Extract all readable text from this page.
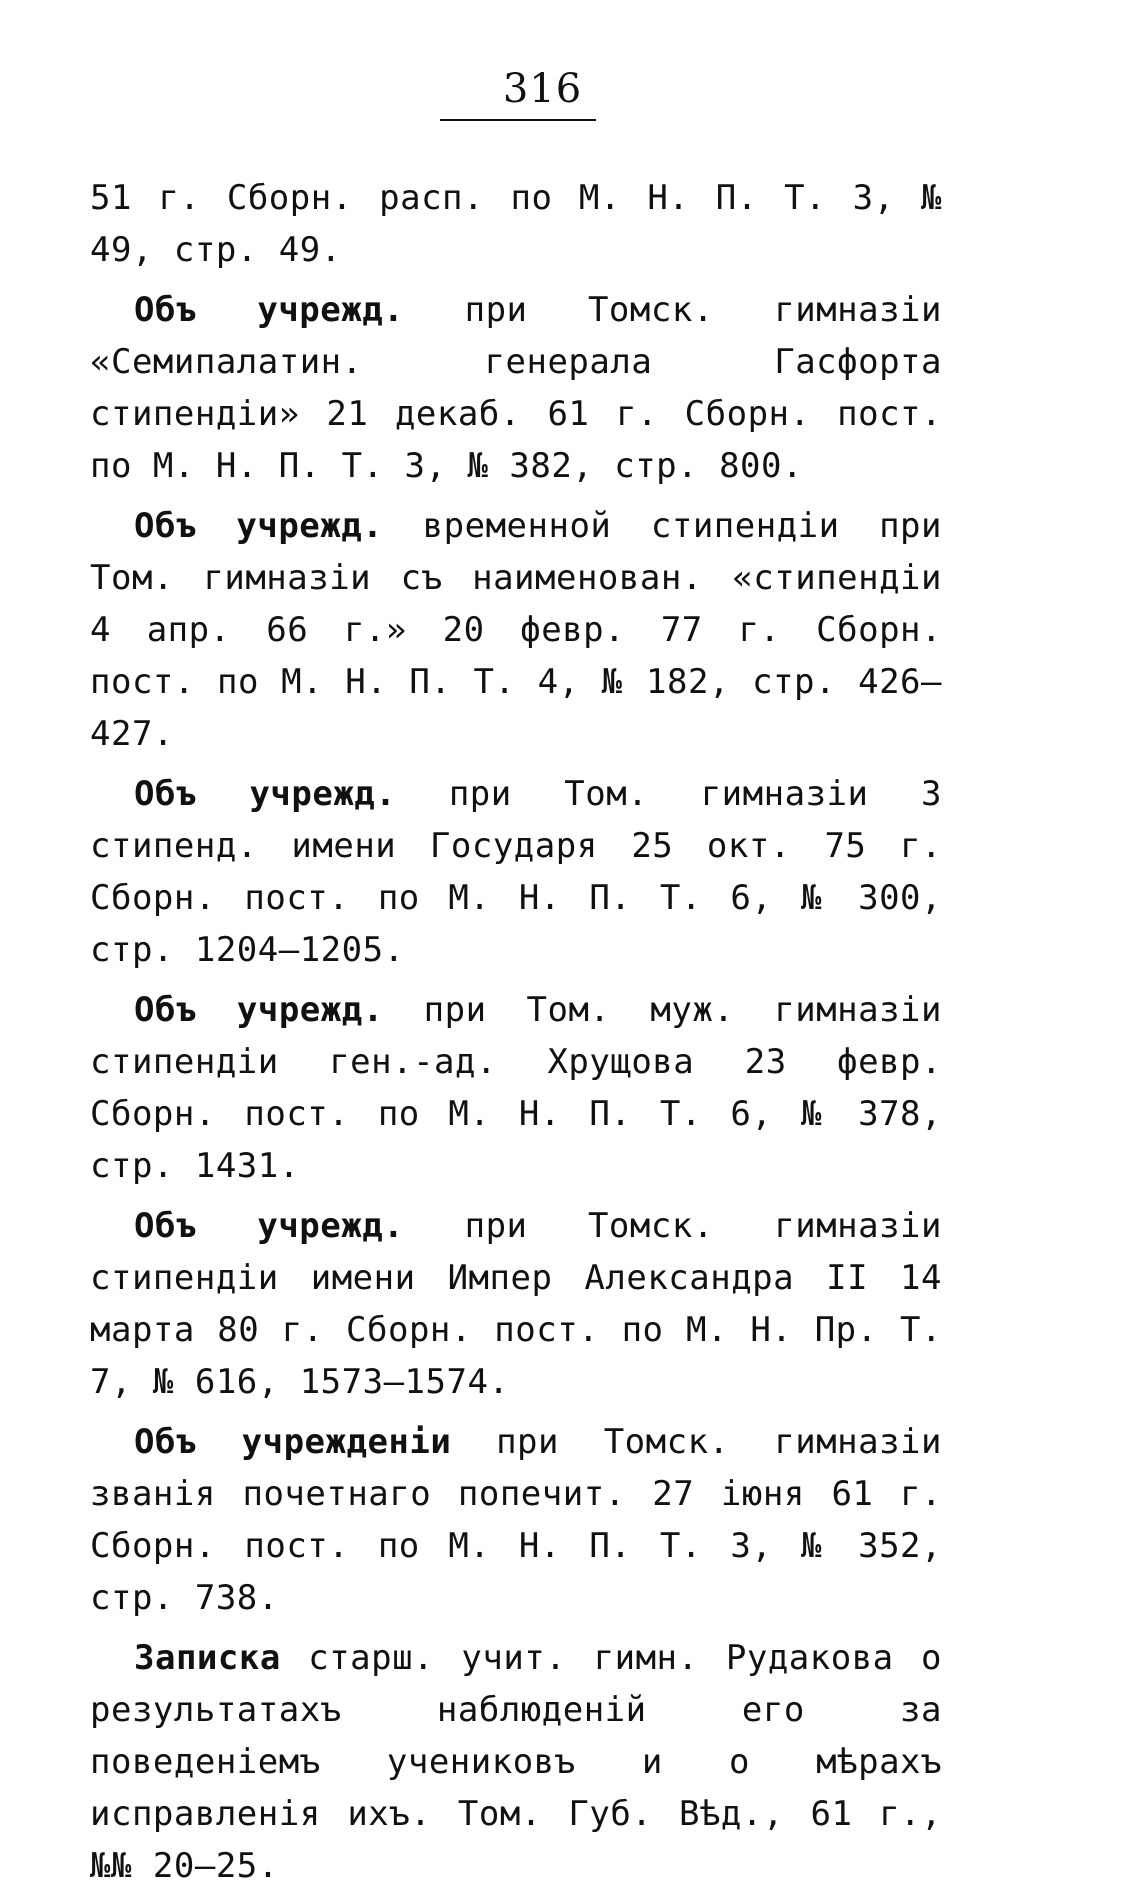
316

51 г. Сборн. расп. по М. Н. П. Т. 3, № 49, стр. 49.

Объ учрежд. при Томск. гимназіи «Семипалатин. генерала Гасфорта стипендіи» 21 декаб. 61 г. Сборн. пост. по М. Н. П. Т. 3, № 382, стр. 800.

Объ учрежд. временной стипендіи при Том. гимназіи съ наименован. «стипендіи 4 апр. 66 г.» 20 февр. 77 г. Сборн. пост. по М. Н. П. Т. 4, № 182, стр. 426—427.

Объ учрежд. при Том. гимназіи 3 стипенд. имени Государя 25 окт. 75 г. Сборн. пост. по М. Н. П. Т. 6, № 300, стр. 1204—1205.

Объ учрежд. при Том. муж. гимназіи стипендіи ген.-ад. Хрущова 23 февр. Сборн. пост. по М. Н. П. Т. 6, № 378, стр. 1431.

Объ учрежд. при Томск. гимназіи стипендіи имени Импер Александра II 14 марта 80 г. Сборн. пост. по М. Н. Пр. Т. 7, № 616, 1573—1574.

Объ учрежденіи при Томск. гимназіи званія почетнаго попечит. 27 іюня 61 г. Сборн. пост. по М. Н. П. Т. 3, № 352, стр. 738.

Записка старш. учит. гимн. Рудакова о результатахъ наблюденій его за поведеніемъ учениковъ и о мѣрахъ исправленія ихъ. Том. Губ. Вѣд., 61 г., №№ 20—25.
